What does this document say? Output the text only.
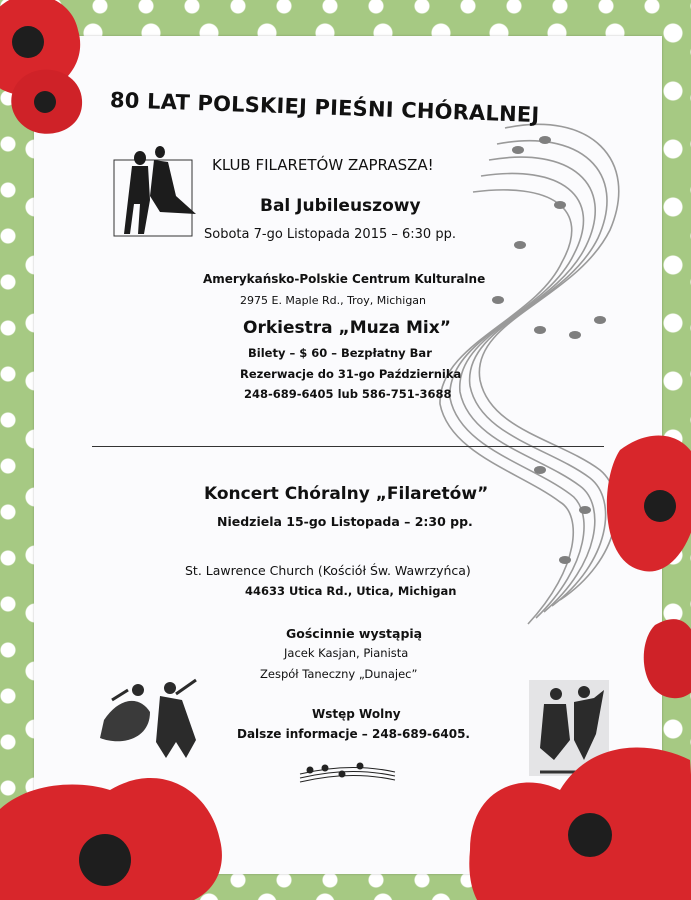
80 LAT POLSKIEJ PIEŚNI CHÓRALNEJ
KLUB FILARETÓW ZAPRASZA!
Bal Jubileuszowy
Sobota 7-go Listopada 2015 – 6:30 pp.
Amerykańsko-Polskie Centrum Kulturalne
2975 E. Maple Rd., Troy, Michigan
Orkiestra „Muza Mix”
Bilety – $ 60 – Bezpłatny Bar
Rezerwacje do 31-go Października
248-689-6405 lub 586-751-3688
Koncert Chóralny „Filaretów”
Niedziela 15-go Listopada – 2:30 pp.
St. Lawrence Church (Kościół Św. Wawrzyńca)
44633 Utica Rd., Utica, Michigan
Gościnnie wystąpią
Jacek Kasjan, Pianista
Zespół Taneczny „Dunajec”
Wstęp Wolny
Dalsze informacje – 248-689-6405.
